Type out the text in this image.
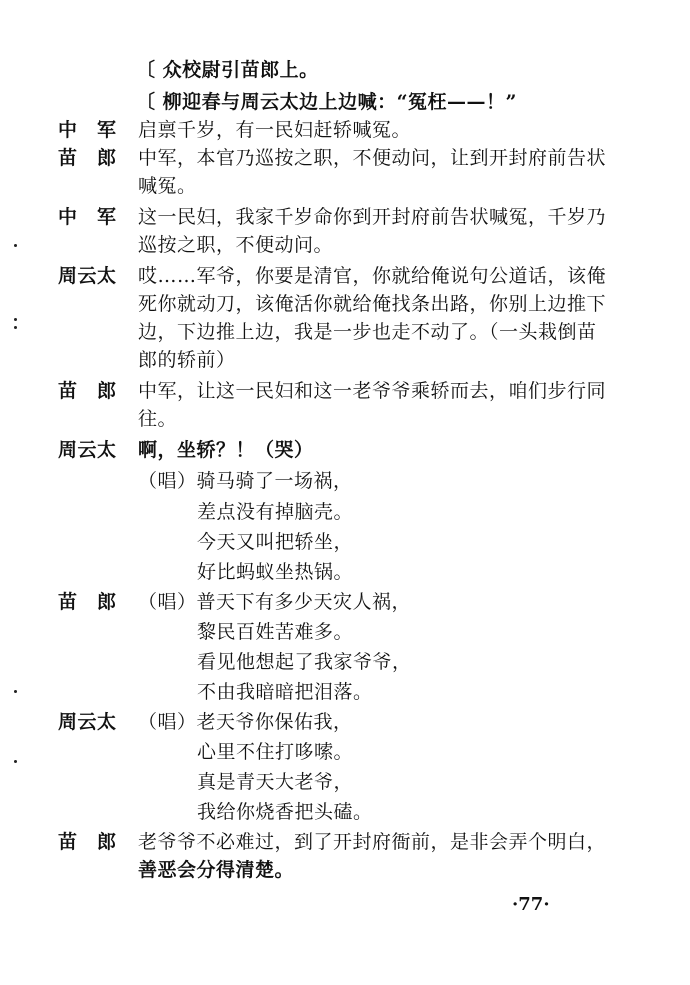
〔 众校尉引苗郎上。
〔 柳迎春与周云太边上边喊：“冤枉——！”
中　军
苗　郎
中　军
周云太
苗　郎
周云太
苗　郎
周云太
苗　郎
启禀千岁，有一民妇赶轿喊冤。
中军，本官乃巡按之职，不便动问，让到开封府前告状
喊冤。
这一民妇，我家千岁命你到开封府前告状喊冤，千岁乃
巡按之职，不便动问。
哎……军爷，你要是清官，你就给俺说句公道话，该俺
死你就动刀，该俺活你就给俺找条出路，你别上边推下
边，下边推上边，我是一步也走不动了。（一头栽倒苗
郎的轿前）
中军，让这一民妇和这一老爷爷乘轿而去，咱们步行同
往。
啊，坐轿？！（哭）
（唱）骑马骑了一场祸，
差点没有掉脑壳。
今天又叫把轿坐，
好比蚂蚁坐热锅。
（唱）普天下有多少天灾人祸，
黎民百姓苦难多。
看见他想起了我家爷爷，
不由我暗暗把泪落。
（唱）老天爷你保佑我，
心里不住打哆嗦。
真是青天大老爷，
我给你烧香把头磕。
老爷爷不必难过，到了开封府衙前，是非会弄个明白，
善恶会分得清楚。
·77·
